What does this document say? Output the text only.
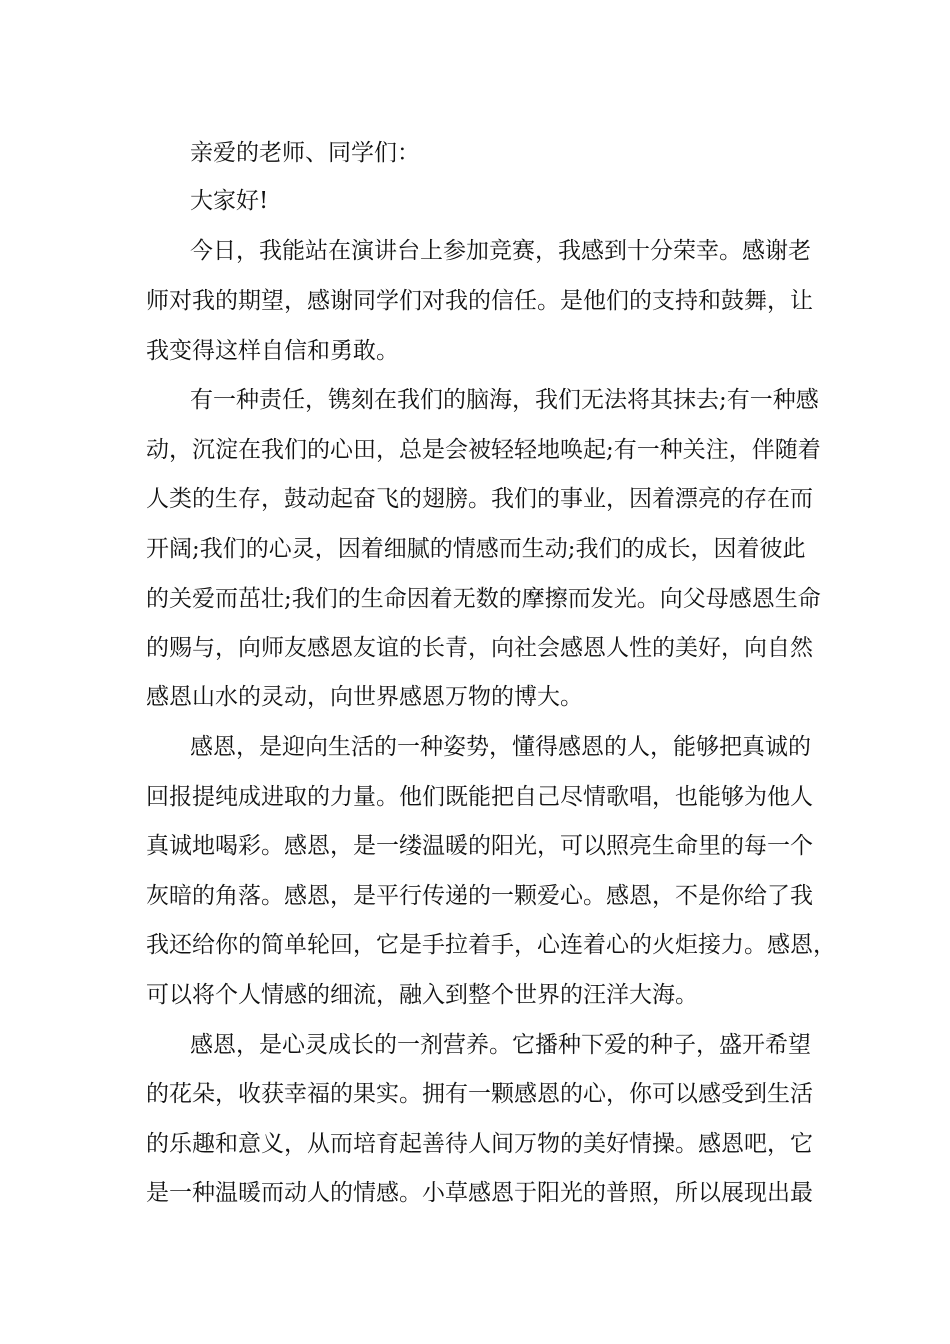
亲爱的老师、同学们：

大家好!

今日，我能站在演讲台上参加竞赛，我感到十分荣幸。感谢老

师对我的期望，感谢同学们对我的信任。是他们的支持和鼓舞，让

我变得这样自信和勇敢。

有一种责任，镌刻在我们的脑海，我们无法将其抹去;有一种感

动，沉淀在我们的心田，总是会被轻轻地唤起;有一种关注，伴随着

人类的生存，鼓动起奋飞的翅膀。我们的事业，因着漂亮的存在而

开阔;我们的心灵，因着细腻的情感而生动;我们的成长，因着彼此

的关爱而茁壮;我们的生命因着无数的摩擦而发光。向父母感恩生命

的赐与，向师友感恩友谊的长青，向社会感恩人性的美好，向自然

感恩山水的灵动，向世界感恩万物的博大。

感恩，是迎向生活的一种姿势，懂得感恩的人，能够把真诚的

回报提纯成进取的力量。他们既能把自己尽情歌唱，也能够为他人

真诚地喝彩。感恩，是一缕温暖的阳光，可以照亮生命里的每一个

灰暗的角落。感恩，是平行传递的一颗爱心。感恩，不是你给了我

我还给你的简单轮回，它是手拉着手，心连着心的火炬接力。感恩，

可以将个人情感的细流，融入到整个世界的汪洋大海。

感恩，是心灵成长的一剂营养。它播种下爱的种子，盛开希望

的花朵，收获幸福的果实。拥有一颗感恩的心，你可以感受到生活

的乐趣和意义，从而培育起善待人间万物的美好情操。感恩吧，它

是一种温暖而动人的情感。小草感恩于阳光的普照，所以展现出最
